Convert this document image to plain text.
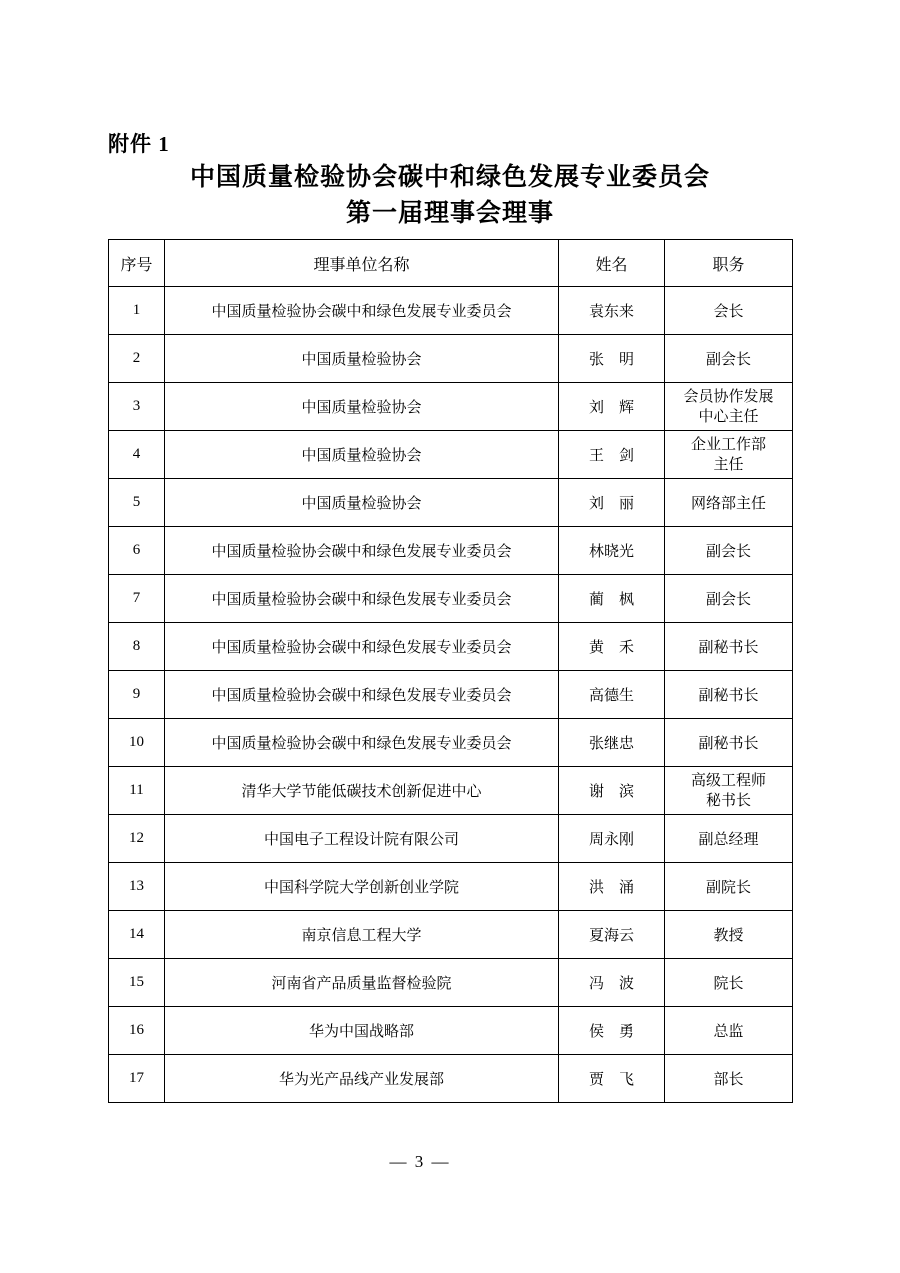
附件 1
中国质量检验协会碳中和绿色发展专业委员会
第一届理事会理事
序号	理事单位名称	姓名	职务
1	中国质量检验协会碳中和绿色发展专业委员会	袁东来	会长
2	中国质量检验协会	张　明	副会长
3	中国质量检验协会	刘　辉	会员协作发展
中心主任

4	中国质量检验协会	王　剑	企业工作部
主任

5	中国质量检验协会	刘　丽	网络部主任
6	中国质量检验协会碳中和绿色发展专业委员会	林晓光	副会长
7	中国质量检验协会碳中和绿色发展专业委员会	蔺　枫	副会长
8	中国质量检验协会碳中和绿色发展专业委员会	黄　禾	副秘书长
9	中国质量检验协会碳中和绿色发展专业委员会	高德生	副秘书长
10	中国质量检验协会碳中和绿色发展专业委员会	张继忠	副秘书长
11	清华大学节能低碳技术创新促进中心	谢　滨	高级工程师
秘书长

12	中国电子工程设计院有限公司	周永刚	副总经理
13	中国科学院大学创新创业学院	洪　涌	副院长
14	南京信息工程大学	夏海云	教授
15	河南省产品质量监督检验院	冯　波	院长
16	华为中国战略部	侯　勇	总监
17	华为光产品线产业发展部	贾　飞	部长
— 3 —
